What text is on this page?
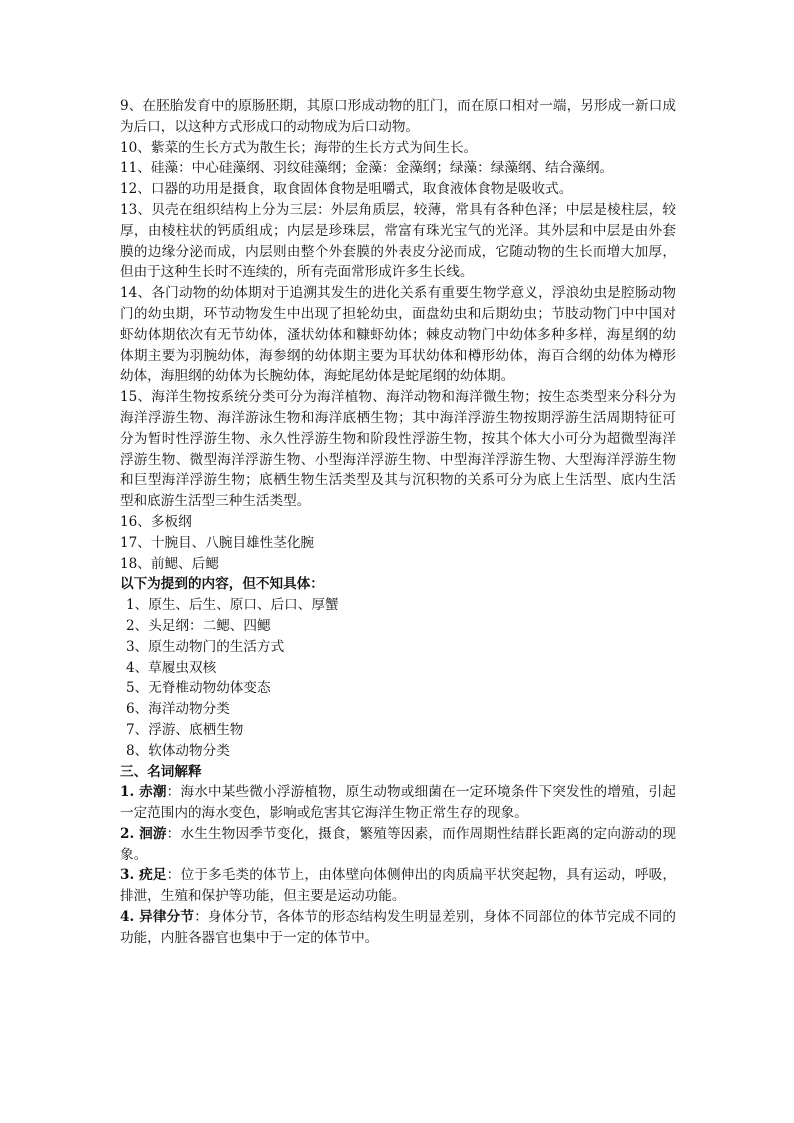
9、在胚胎发育中的原肠胚期，其原口形成动物的肛门，而在原口相对一端，另形成一新口成为后口，以这种方式形成口的动物成为后口动物。

10、紫菜的生长方式为散生长；海带的生长方式为间生长。

11、硅藻：中心硅藻纲、羽纹硅藻纲；金藻：金藻纲；绿藻：绿藻纲、结合藻纲。

12、口器的功用是摄食，取食固体食物是咀嚼式，取食液体食物是吸收式。

13、贝壳在组织结构上分为三层：外层角质层，较薄，常具有各种色泽；中层是棱柱层，较厚，由棱柱状的钙质组成；内层是珍珠层，常富有珠光宝气的光泽。其外层和中层是由外套膜的边缘分泌而成，内层则由整个外套膜的外表皮分泌而成，它随动物的生长而增大加厚，但由于这种生长时不连续的，所有壳面常形成许多生长线。

14、各门动物的幼体期对于追溯其发生的进化关系有重要生物学意义，浮浪幼虫是腔肠动物门的幼虫期，环节动物发生中出现了担轮幼虫，面盘幼虫和后期幼虫；节肢动物门中中国对虾幼体期依次有无节幼体，溞状幼体和糠虾幼体；棘皮动物门中幼体多种多样，海星纲的幼体期主要为羽腕幼体，海参纲的幼体期主要为耳状幼体和樽形幼体，海百合纲的幼体为樽形幼体，海胆纲的幼体为长腕幼体，海蛇尾幼体是蛇尾纲的幼体期。

15、海洋生物按系统分类可分为海洋植物、海洋动物和海洋微生物；按生态类型来分科分为海洋浮游生物、海洋游泳生物和海洋底栖生物；其中海洋浮游生物按期浮游生活周期特征可分为暂时性浮游生物、永久性浮游生物和阶段性浮游生物，按其个体大小可分为超微型海洋浮游生物、微型海洋浮游生物、小型海洋浮游生物、中型海洋浮游生物、大型海洋浮游生物和巨型海洋浮游生物；底栖生物生活类型及其与沉积物的关系可分为底上生活型、底内生活型和底游生活型三种生活类型。

16、多板纲

17、十腕目、八腕目雄性茎化腕

18、前鳃、后鳃

以下为提到的内容，但不知具体：

1、原生、后生、原口、后口、厚蟹

2、头足纲：二鳃、四鳃

3、原生动物门的生活方式

4、草履虫双核

5、无脊椎动物幼体变态

6、海洋动物分类

7、浮游、底栖生物

8、软体动物分类

三、名词解释

1. 赤潮：海水中某些微小浮游植物，原生动物或细菌在一定环境条件下突发性的增殖，引起一定范围内的海水变色，影响或危害其它海洋生物正常生存的现象。

2. 洄游：水生生物因季节变化，摄食，繁殖等因素，而作周期性结群长距离的定向游动的现象。

3. 疣足：位于多毛类的体节上，由体壁向体侧伸出的肉质扁平状突起物，具有运动，呼吸，排泄，生殖和保护等功能，但主要是运动功能。

4. 异律分节：身体分节，各体节的形态结构发生明显差别，身体不同部位的体节完成不同的功能，内脏各器官也集中于一定的体节中。
